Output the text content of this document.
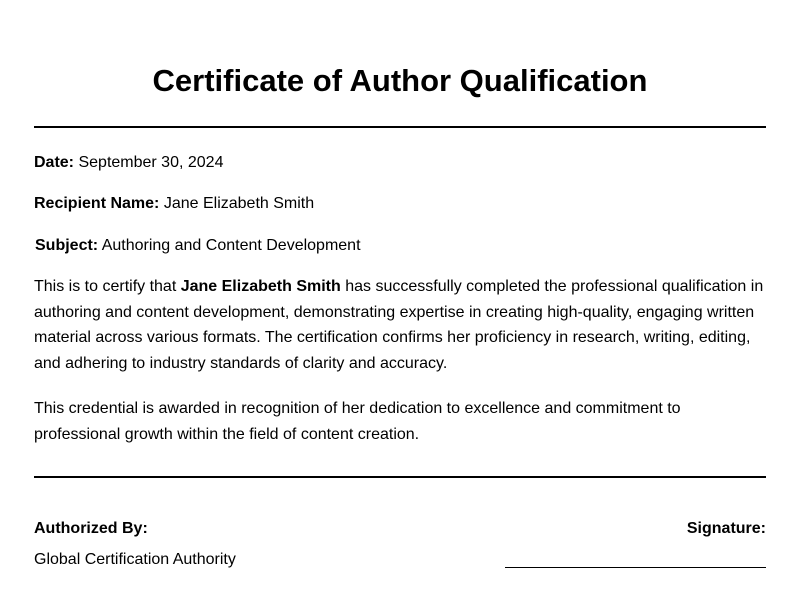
Certificate of Author Qualification
Date: September 30, 2024
Recipient Name: Jane Elizabeth Smith
Subject: Authoring and Content Development

This is to certify that Jane Elizabeth Smith has successfully completed the professional qualification in authoring and content development, demonstrating expertise in creating high-quality, engaging written material across various formats. The certification confirms her proficiency in research, writing, editing, and adhering to industry standards of clarity and accuracy.

This credential is awarded in recognition of her dedication to excellence and commitment to professional growth within the field of content creation.

Authorized By:
Global Certification Authority
Signature:
